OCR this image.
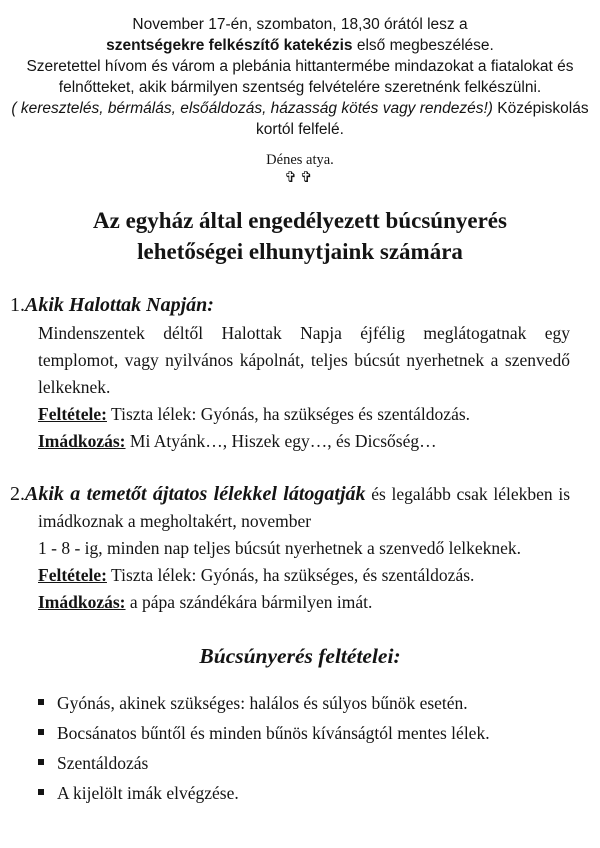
November 17-én, szombaton, 18,30 órától lesz a
szentségekre felkészítő katekézis első megbeszélése.
Szeretettel hívom és várom a plebánia hittantermébe mindazokat a fiatalokat és felnőtteket, akik bármilyen szentség felvételére szeretnénk felkészülni.
( keresztelés, bérmálás, elsőáldozás, házasság kötés vagy rendezés!) Középiskolás kortól felfelé.
Dénes atya.
✞✞
Az egyház által engedélyezett búcsúnyerés
lehetőségei elhunytjaink számára
1.Akik Halottak Napján:
Mindenszentek déltől Halottak Napja éjfélig meglátogatnak egy templomot, vagy nyilvános kápolnát, teljes búcsút nyerhetnek a szenvedő lelkeknek.
Feltétele: Tiszta lélek: Gyónás, ha szükséges és szentáldozás.
Imádkozás: Mi Atyánk…, Hiszek egy…, és Dicsőség…
2.Akik a temetőt ájtatos lélekkel látogatják és legalább csak lélekben is imádkoznak a megholtakért, november
1 - 8 - ig, minden nap teljes búcsút nyerhetnek a szenvedő lelkeknek.
Feltétele: Tiszta lélek: Gyónás, ha szükséges, és szentáldozás.
Imádkozás: a pápa szándékára bármilyen imát.
Búcsúnyerés feltételei:
Gyónás, akinek szükséges: halálos és súlyos bűnök esetén.
Bocsánatos bűntől és minden bűnös kívánságtól mentes lélek.
Szentáldozás
A kijelölt imák elvégzése.
